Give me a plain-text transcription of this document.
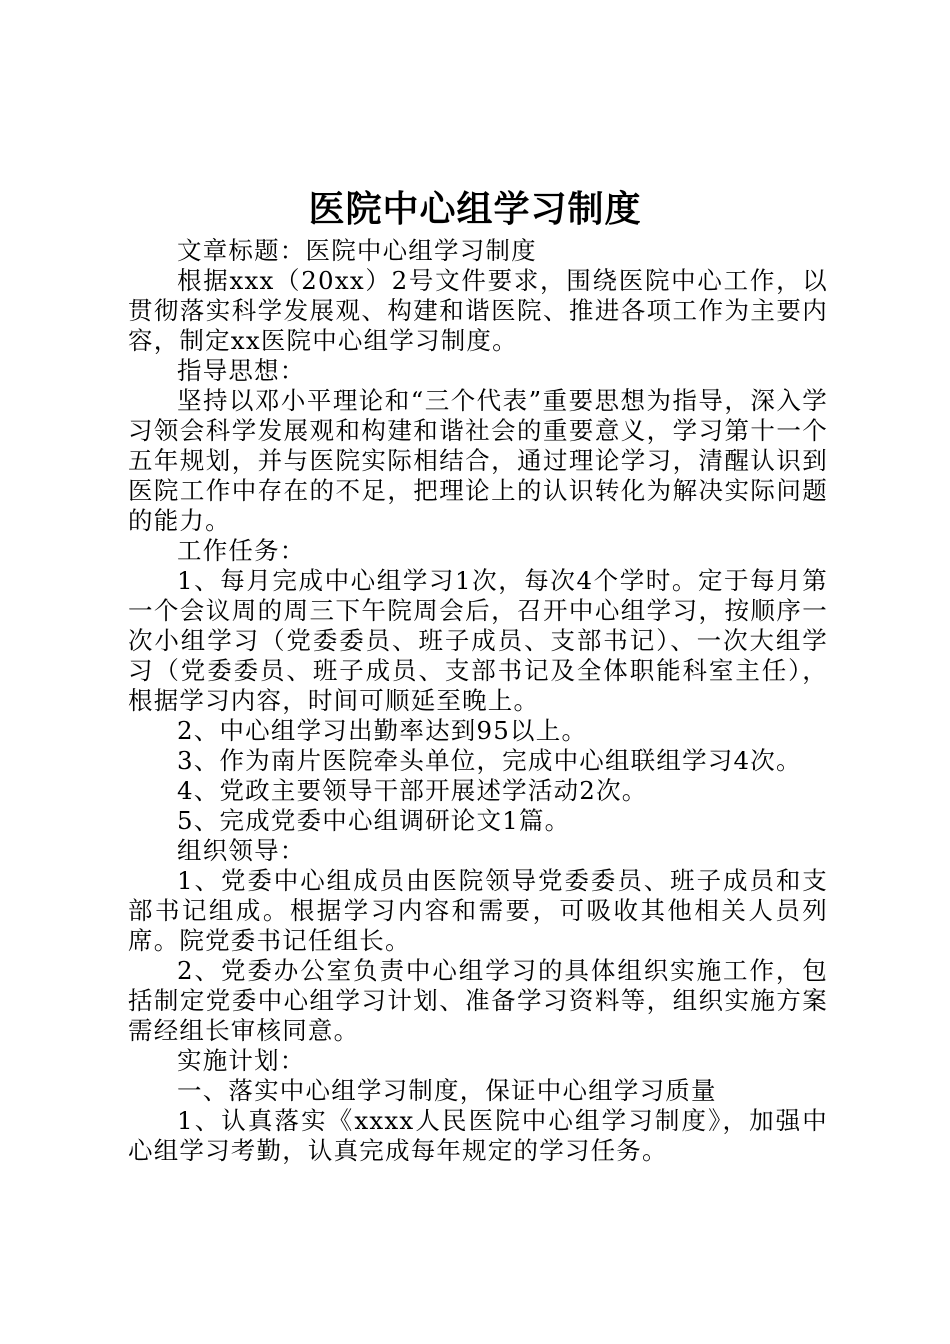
医院中心组学习制度

文章标题：医院中心组学习制度

根据xxx（20xx）2号文件要求，围绕医院中心工作，以贯彻落实科学发展观、构建和谐医院、推进各项工作为主要内容，制定xx医院中心组学习制度。

指导思想：

坚持以邓小平理论和“三个代表”重要思想为指导，深入学习领会科学发展观和构建和谐社会的重要意义，学习第十一个五年规划，并与医院实际相结合，通过理论学习，清醒认识到医院工作中存在的不足，把理论上的认识转化为解决实际问题的能力。

工作任务：

1、每月完成中心组学习1次，每次4个学时。定于每月第一个会议周的周三下午院周会后，召开中心组学习，按顺序一次小组学习（党委委员、班子成员、支部书记）、一次大组学习（党委委员、班子成员、支部书记及全体职能科室主任），根据学习内容，时间可顺延至晚上。

2、中心组学习出勤率达到95以上。

3、作为南片医院牵头单位，完成中心组联组学习4次。

4、党政主要领导干部开展述学活动2次。

5、完成党委中心组调研论文1篇。

组织领导：

1、党委中心组成员由医院领导党委委员、班子成员和支部书记组成。根据学习内容和需要，可吸收其他相关人员列席。院党委书记任组长。

2、党委办公室负责中心组学习的具体组织实施工作，包括制定党委中心组学习计划、准备学习资料等，组织实施方案需经组长审核同意。

实施计划：

一、落实中心组学习制度，保证中心组学习质量

1、认真落实《xxxx人民医院中心组学习制度》，加强中心组学习考勤，认真完成每年规定的学习任务。
